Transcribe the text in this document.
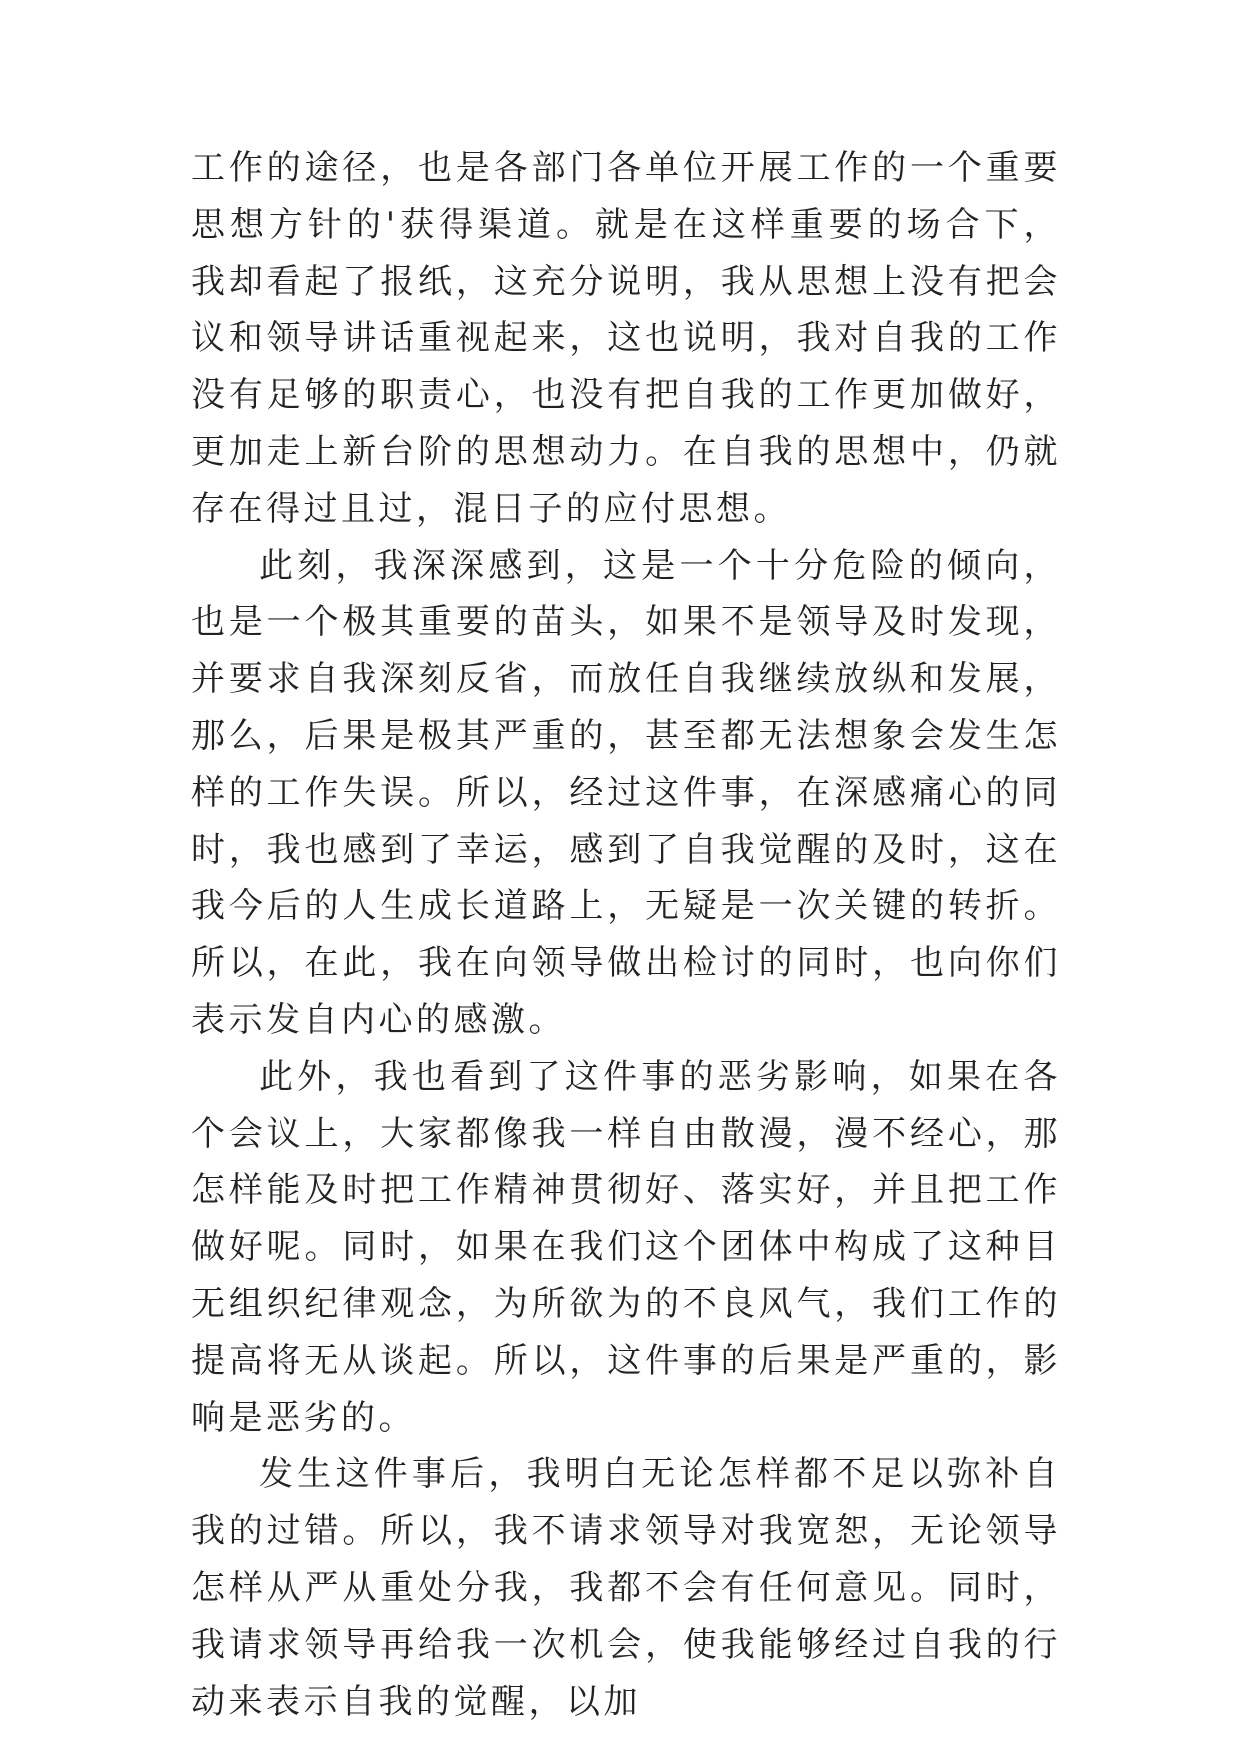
工作的途径，也是各部门各单位开展工作的一个重要思想方针的'获得渠道。就是在这样重要的场合下，我却看起了报纸，这充分说明，我从思想上没有把会议和领导讲话重视起来，这也说明，我对自我的工作没有足够的职责心，也没有把自我的工作更加做好，更加走上新台阶的思想动力。在自我的思想中，仍就存在得过且过，混日子的应付思想。

此刻，我深深感到，这是一个十分危险的倾向，也是一个极其重要的苗头，如果不是领导及时发现，并要求自我深刻反省，而放任自我继续放纵和发展，那么，后果是极其严重的，甚至都无法想象会发生怎样的工作失误。所以，经过这件事，在深感痛心的同时，我也感到了幸运，感到了自我觉醒的及时，这在我今后的人生成长道路上，无疑是一次关键的转折。所以，在此，我在向领导做出检讨的同时，也向你们表示发自内心的感激。

此外，我也看到了这件事的恶劣影响，如果在各个会议上，大家都像我一样自由散漫，漫不经心，那怎样能及时把工作精神贯彻好、落实好，并且把工作做好呢。同时，如果在我们这个团体中构成了这种目无组织纪律观念，为所欲为的不良风气，我们工作的提高将无从谈起。所以，这件事的后果是严重的，影响是恶劣的。

发生这件事后，我明白无论怎样都不足以弥补自我的过错。所以，我不请求领导对我宽恕，无论领导怎样从严从重处分我，我都不会有任何意见。同时，我请求领导再给我一次机会，使我能够经过自我的行动来表示自我的觉醒，以加
